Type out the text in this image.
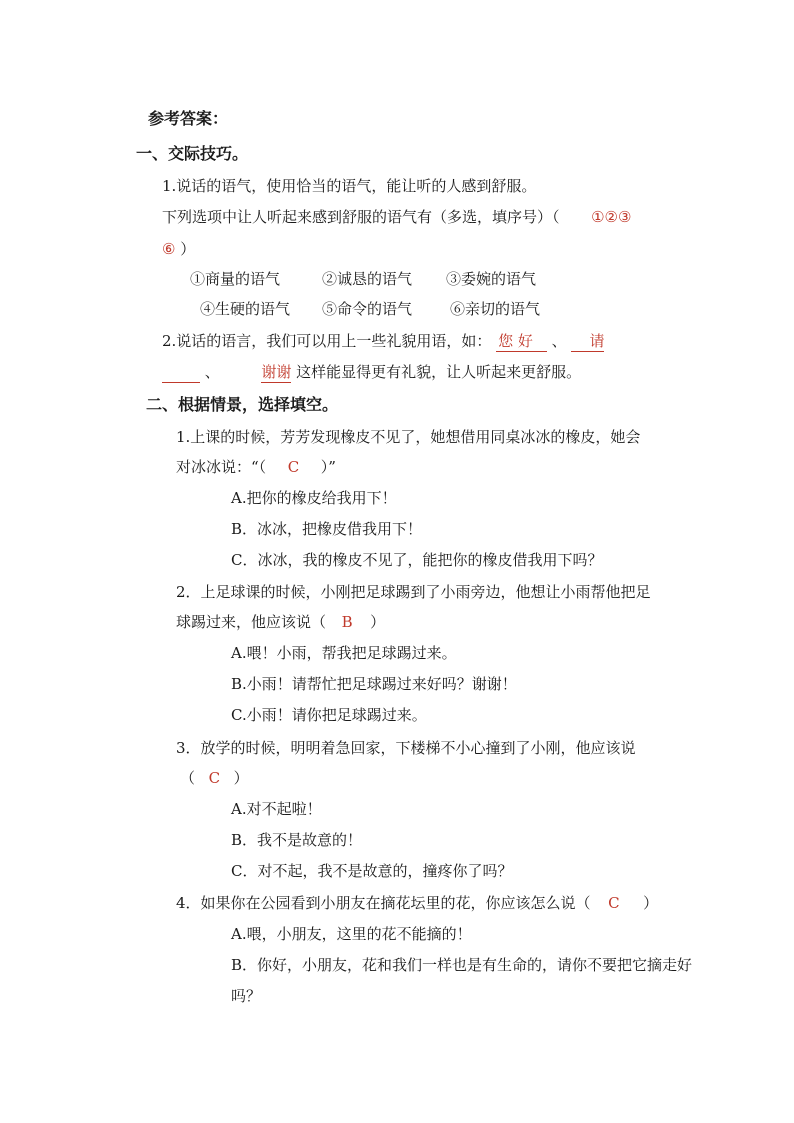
参考答案：
一、交际技巧。
1.说话的语气，使用恰当的语气，能让听的人感到舒服。
下列选项中让人听起来感到舒服的语气有（多选，填序号）（ ①②③
⑥ ）
①商量的语气	②诚恳的语气 ③委婉的语气
④生硬的语气 ⑤命令的语气	⑥亲切的语气
2.说话的语言，我们可以用上一些礼貌用语，如： 您 好 、 请
、	谢谢 这样能显得更有礼貌，让人听起来更舒服。
二、根据情景，选择填空。
1.上课的时候，芳芳发现橡皮不见了，她想借用同桌冰冰的橡皮，她会
对冰冰说：“（ C ）”
A.把你的橡皮给我用下！
B．冰冰，把橡皮借我用下！
C．冰冰，我的橡皮不见了，能把你的橡皮借我用下吗？
2．上足球课的时候，小刚把足球踢到了小雨旁边，他想让小雨帮他把足
球踢过来，他应该说（ B ）
A.喂！小雨，帮我把足球踢过来。
B.小雨！请帮忙把足球踢过来好吗？谢谢！
C.小雨！请你把足球踢过来。
3．放学的时候，明明着急回家，下楼梯不小心撞到了小刚，他应该说
（ C ）
A.对不起啦！
B．我不是故意的！
C．对不起，我不是故意的，撞疼你了吗？
4．如果你在公园看到小朋友在摘花坛里的花，你应该怎么说（ C ）
A.喂，小朋友，这里的花不能摘的！
B．你好，小朋友，花和我们一样也是有生命的，请你不要把它摘走好
吗？
